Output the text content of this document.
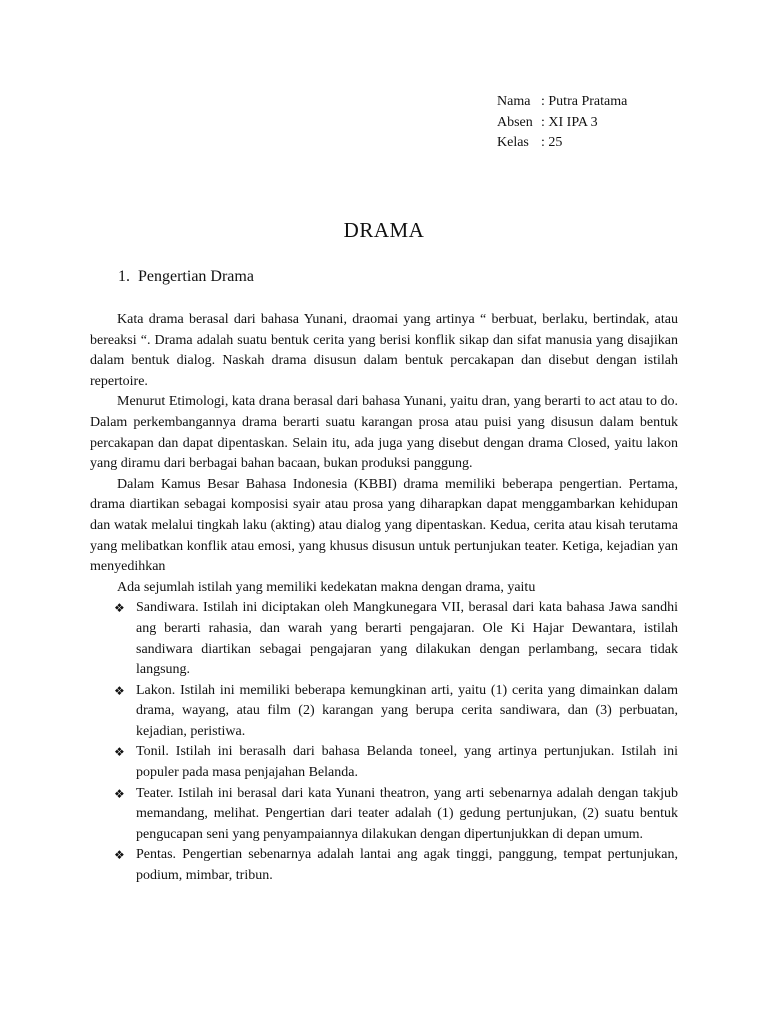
Nama : Putra Pratama
Absen : XI IPA 3
Kelas : 25
DRAMA
1. Pengertian Drama

Kata drama berasal dari bahasa Yunani, draomai yang artinya “ berbuat, berlaku, bertindak, atau bereaksi “. Drama adalah suatu bentuk cerita yang berisi konflik sikap dan sifat manusia yang disajikan dalam bentuk dialog. Naskah drama disusun dalam bentuk percakapan dan disebut dengan istilah repertoire.

Menurut Etimologi, kata drana berasal dari bahasa Yunani, yaitu dran, yang berarti to act atau to do. Dalam perkembangannya drama berarti suatu karangan prosa atau puisi yang disusun dalam bentuk percakapan dan dapat dipentaskan. Selain itu, ada juga yang disebut dengan drama Closed, yaitu lakon yang diramu dari berbagai bahan bacaan, bukan produksi panggung.

Dalam Kamus Besar Bahasa Indonesia (KBBI) drama memiliki beberapa pengertian. Pertama, drama diartikan sebagai komposisi syair atau prosa yang diharapkan dapat menggambarkan kehidupan dan watak melalui tingkah laku (akting) atau dialog yang dipentaskan. Kedua, cerita atau kisah terutama yang melibatkan konflik atau emosi, yang khusus disusun untuk pertunjukan teater. Ketiga, kejadian yan menyedihkan

Ada sejumlah istilah yang memiliki kedekatan makna dengan drama, yaitu

❖ Sandiwara. Istilah ini diciptakan oleh Mangkunegara VII, berasal dari kata bahasa Jawa sandhi ang berarti rahasia, dan warah yang berarti pengajaran. Ole Ki Hajar Dewantara, istilah sandiwara diartikan sebagai pengajaran yang dilakukan dengan perlambang, secara tidak langsung.
❖ Lakon. Istilah ini memiliki beberapa kemungkinan arti, yaitu (1) cerita yang dimainkan dalam drama, wayang, atau film (2) karangan yang berupa cerita sandiwara, dan (3) perbuatan, kejadian, peristiwa.
❖ Tonil. Istilah ini berasalh dari bahasa Belanda toneel, yang artinya pertunjukan. Istilah ini populer pada masa penjajahan Belanda.
❖ Teater. Istilah ini berasal dari kata Yunani theatron, yang arti sebenarnya adalah dengan takjub memandang, melihat. Pengertian dari teater adalah (1) gedung pertunjukan, (2) suatu bentuk pengucapan seni yang penyampaiannya dilakukan dengan dipertunjukkan di depan umum.
❖ Pentas. Pengertian sebenarnya adalah lantai ang agak tinggi, panggung, tempat pertunjukan, podium, mimbar, tribun.
